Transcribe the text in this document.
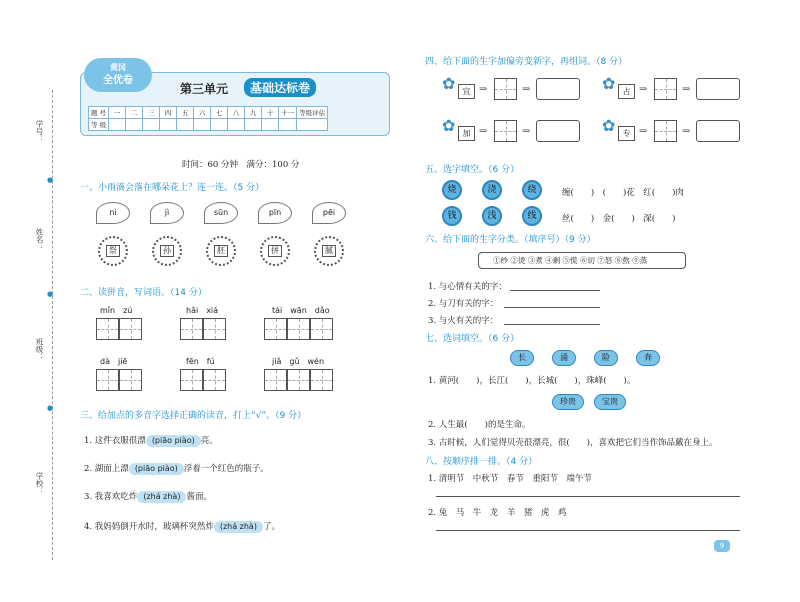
学号：
姓名：
班级：
学校：
●
●
●
黄冈
全优卷
第三单元	基础达标卷
题 号	一	二	三	四	五	六	七	八	九	十	十一	等级评估
等 级												
时间：60 分钟　满分：100 分
一、小雨滴会落在哪朵花上？连一连。（5 分）
nì	jì	sūn	pīn	pēi
祭	孙	胚	拼	腻
二、读拼音，写词语。（14 分）
mǐn　zú	hǎi　xiá	tái　wān　dǎo
dà　jiē	fēn　fú	jiǎ　gǔ　wén
三、给加点的多音字选择正确的读音，打上“√”。（9 分）
1. 这件衣服很漂 (piāo piào) 亮。
2. 湖面上漂 (piāo piào) 浮着一个红色的瓶子。
3. 我喜欢吃炸 (zhá zhà) 酱面。
4. 我妈妈倒开水时，玻璃杯突然炸 (zhá zhà) 了。
四、给下面的生字加偏旁变新字，再组词。（8 分）
✿ 宜 ⇒	⇒	✿ 占 ⇒	⇒
✿ 加 ⇒	⇒	✿ 专 ⇒	⇒
五、选字填空。（6 分）
烧	浇	绕	缠(　　)　(　　)花　红(　　)肉
钱	浅	线	丝(　　)　金(　　)　深(　　)
六、给下面的生字分类。（填序号）（9 分）
①纱 ②烫 ③煮 ④剩 ⑤慌 ⑥切 ⑦怒 ⑧熬 ⑨蒸
1. 与心情有关的字：
2. 与刀有关的字：
3. 与火有关的字：
七、选词填空。（6 分）
长	涌	险	奔
1. 黄河(　　)，长江(　　)，长城(　　)，珠峰(　　)。
珍贵	宝贵
2. 人生最(　　)的是生命。
3. 古时候，人们觉得贝壳很漂亮，很(　　)，喜欢把它们当作饰品戴在身上。
八、按顺序排一排。（4 分）
1. 清明节　中秋节　春节　重阳节　端午节
2. 兔　马　牛　龙　羊　猪　虎　鸡
9
